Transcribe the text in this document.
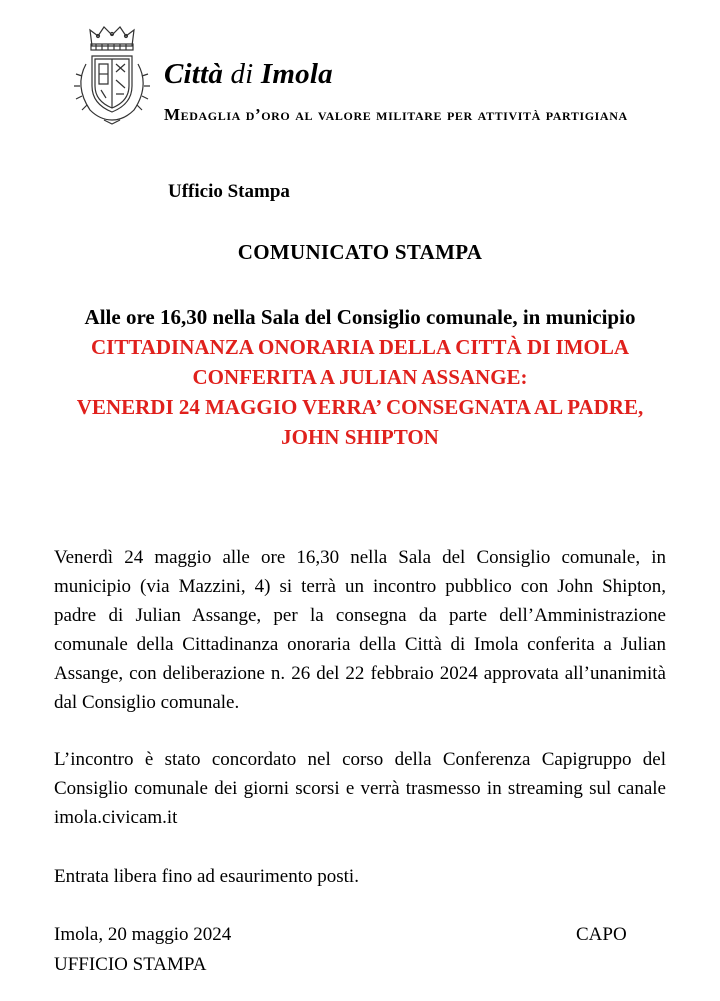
Città di Imola
Medaglia d’oro al valore militare per attività partigiana
Ufficio Stampa
COMUNICATO STAMPA
Alle ore 16,30 nella Sala del Consiglio comunale, in municipio
CITTADINANZA ONORARIA DELLA CITTÀ DI IMOLA
CONFERITA A JULIAN ASSANGE:
VENERDI 24 MAGGIO VERRA’ CONSEGNATA AL PADRE, JOHN SHIPTON
Venerdì 24 maggio alle ore 16,30 nella Sala del Consiglio comunale, in municipio (via Mazzini, 4) si terrà un incontro pubblico con John Shipton, padre di Julian Assange, per la consegna da parte dell’Amministrazione comunale della Cittadinanza onoraria della Città di Imola conferita a Julian Assange, con deliberazione n. 26 del 22 febbraio 2024 approvata all’unanimità dal Consiglio comunale.
L’incontro è stato concordato nel corso della Conferenza Capigruppo del Consiglio comunale dei giorni scorsi e verrà trasmesso in streaming sul canale imola.civicam.it
Entrata libera fino ad esaurimento posti.
Imola, 20 maggio 2024
UFFICIO STAMPA
CAPO
